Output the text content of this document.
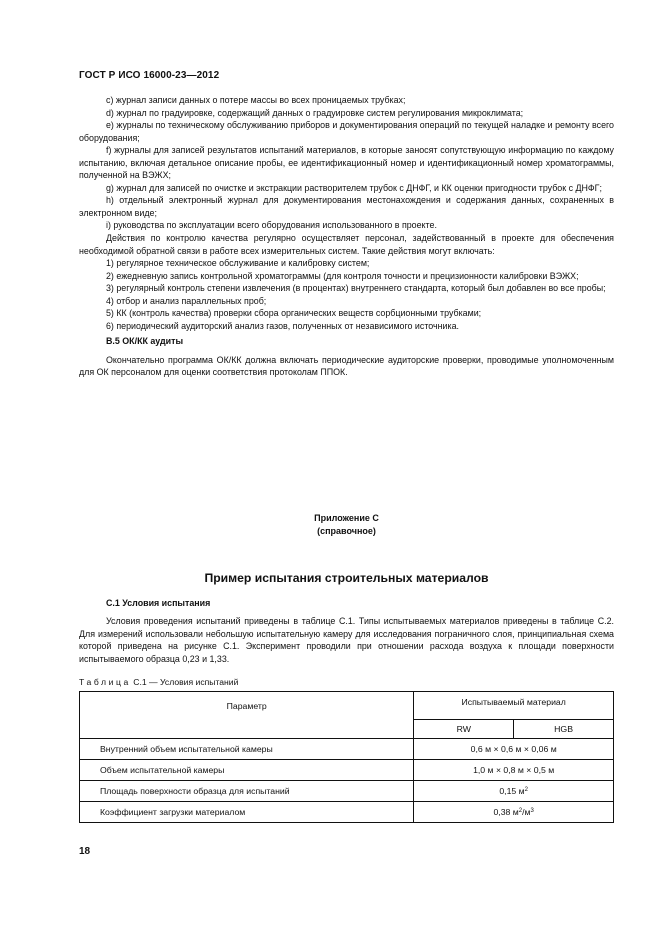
ГОСТ Р ИСО 16000-23—2012

с) журнал записи данных о потере массы во всех проницаемых трубках;

d) журнал по градуировке, содержащий данных о градуировке систем регулирования микроклимата;

е) журналы по техническому обслуживанию приборов и документирования операций по текущей наладке и ремонту всего оборудования;

f) журналы для записей результатов испытаний материалов, в которые заносят сопутствующую информацию по каждому испытанию, включая детальное описание пробы, ее идентификационный номер и идентификационный номер хроматограммы, полученной на ВЭЖХ;

g) журнал для записей по очистке и экстракции растворителем трубок с ДНФГ, и КК оценки пригодности трубок с ДНФГ;

h) отдельный электронный журнал для документирования местонахождения и содержания данных, сохраненных в электронном виде;

i) руководства по эксплуатации всего оборудования использованного в проекте.

Действия по контролю качества регулярно осуществляет персонал, задействованный в проекте для обеспечения необходимой обратной связи в работе всех измерительных систем. Такие действия могут включать:

1) регулярное техническое обслуживание и калибровку систем;

2) ежедневную запись контрольной хроматограммы (для контроля точности и прецизионности калибровки ВЭЖХ;

3) регулярный контроль степени извлечения (в процентах) внутреннего стандарта, который был добавлен во все пробы;

4) отбор и анализ параллельных проб;

5) КК (контроль качества) проверки сбора органических веществ сорбционными трубками;

6) периодический аудиторский анализ газов, полученных от независимого источника.

В.5 ОК/КК аудиты

Окончательно программа ОК/КК должна включать периодические аудиторские проверки, проводимые уполномоченным для ОК персоналом для оценки соответствия протоколам ППОК.

Приложение С
(справочное)
Пример испытания строительных материалов
С.1 Условия испытания

Условия проведения испытаний приведены в таблице С.1. Типы испытываемых материалов приведены в таблице С.2. Для измерений использовали небольшую испытательную камеру для исследования пограничного слоя, принципиальная схема которой приведена на рисунке С.1. Эксперимент проводили при отношении расхода воздуха к площади поверхности испытываемого образца 0,23 и 1,33.

Таблица С.1 — Условия испытаний
Параметр	Испытываемый материал	
	RW	HGB
Внутренний объем испытательной камеры	0,6 м × 0,6 м × 0,06 м	
Объем испытательной камеры	1,0 м × 0,8 м × 0,5 м	
Площадь поверхности образца для испытаний	0,15 $м^2$
Коэффициент загрузки материалом	0,38 $м^2/м^3$
18
